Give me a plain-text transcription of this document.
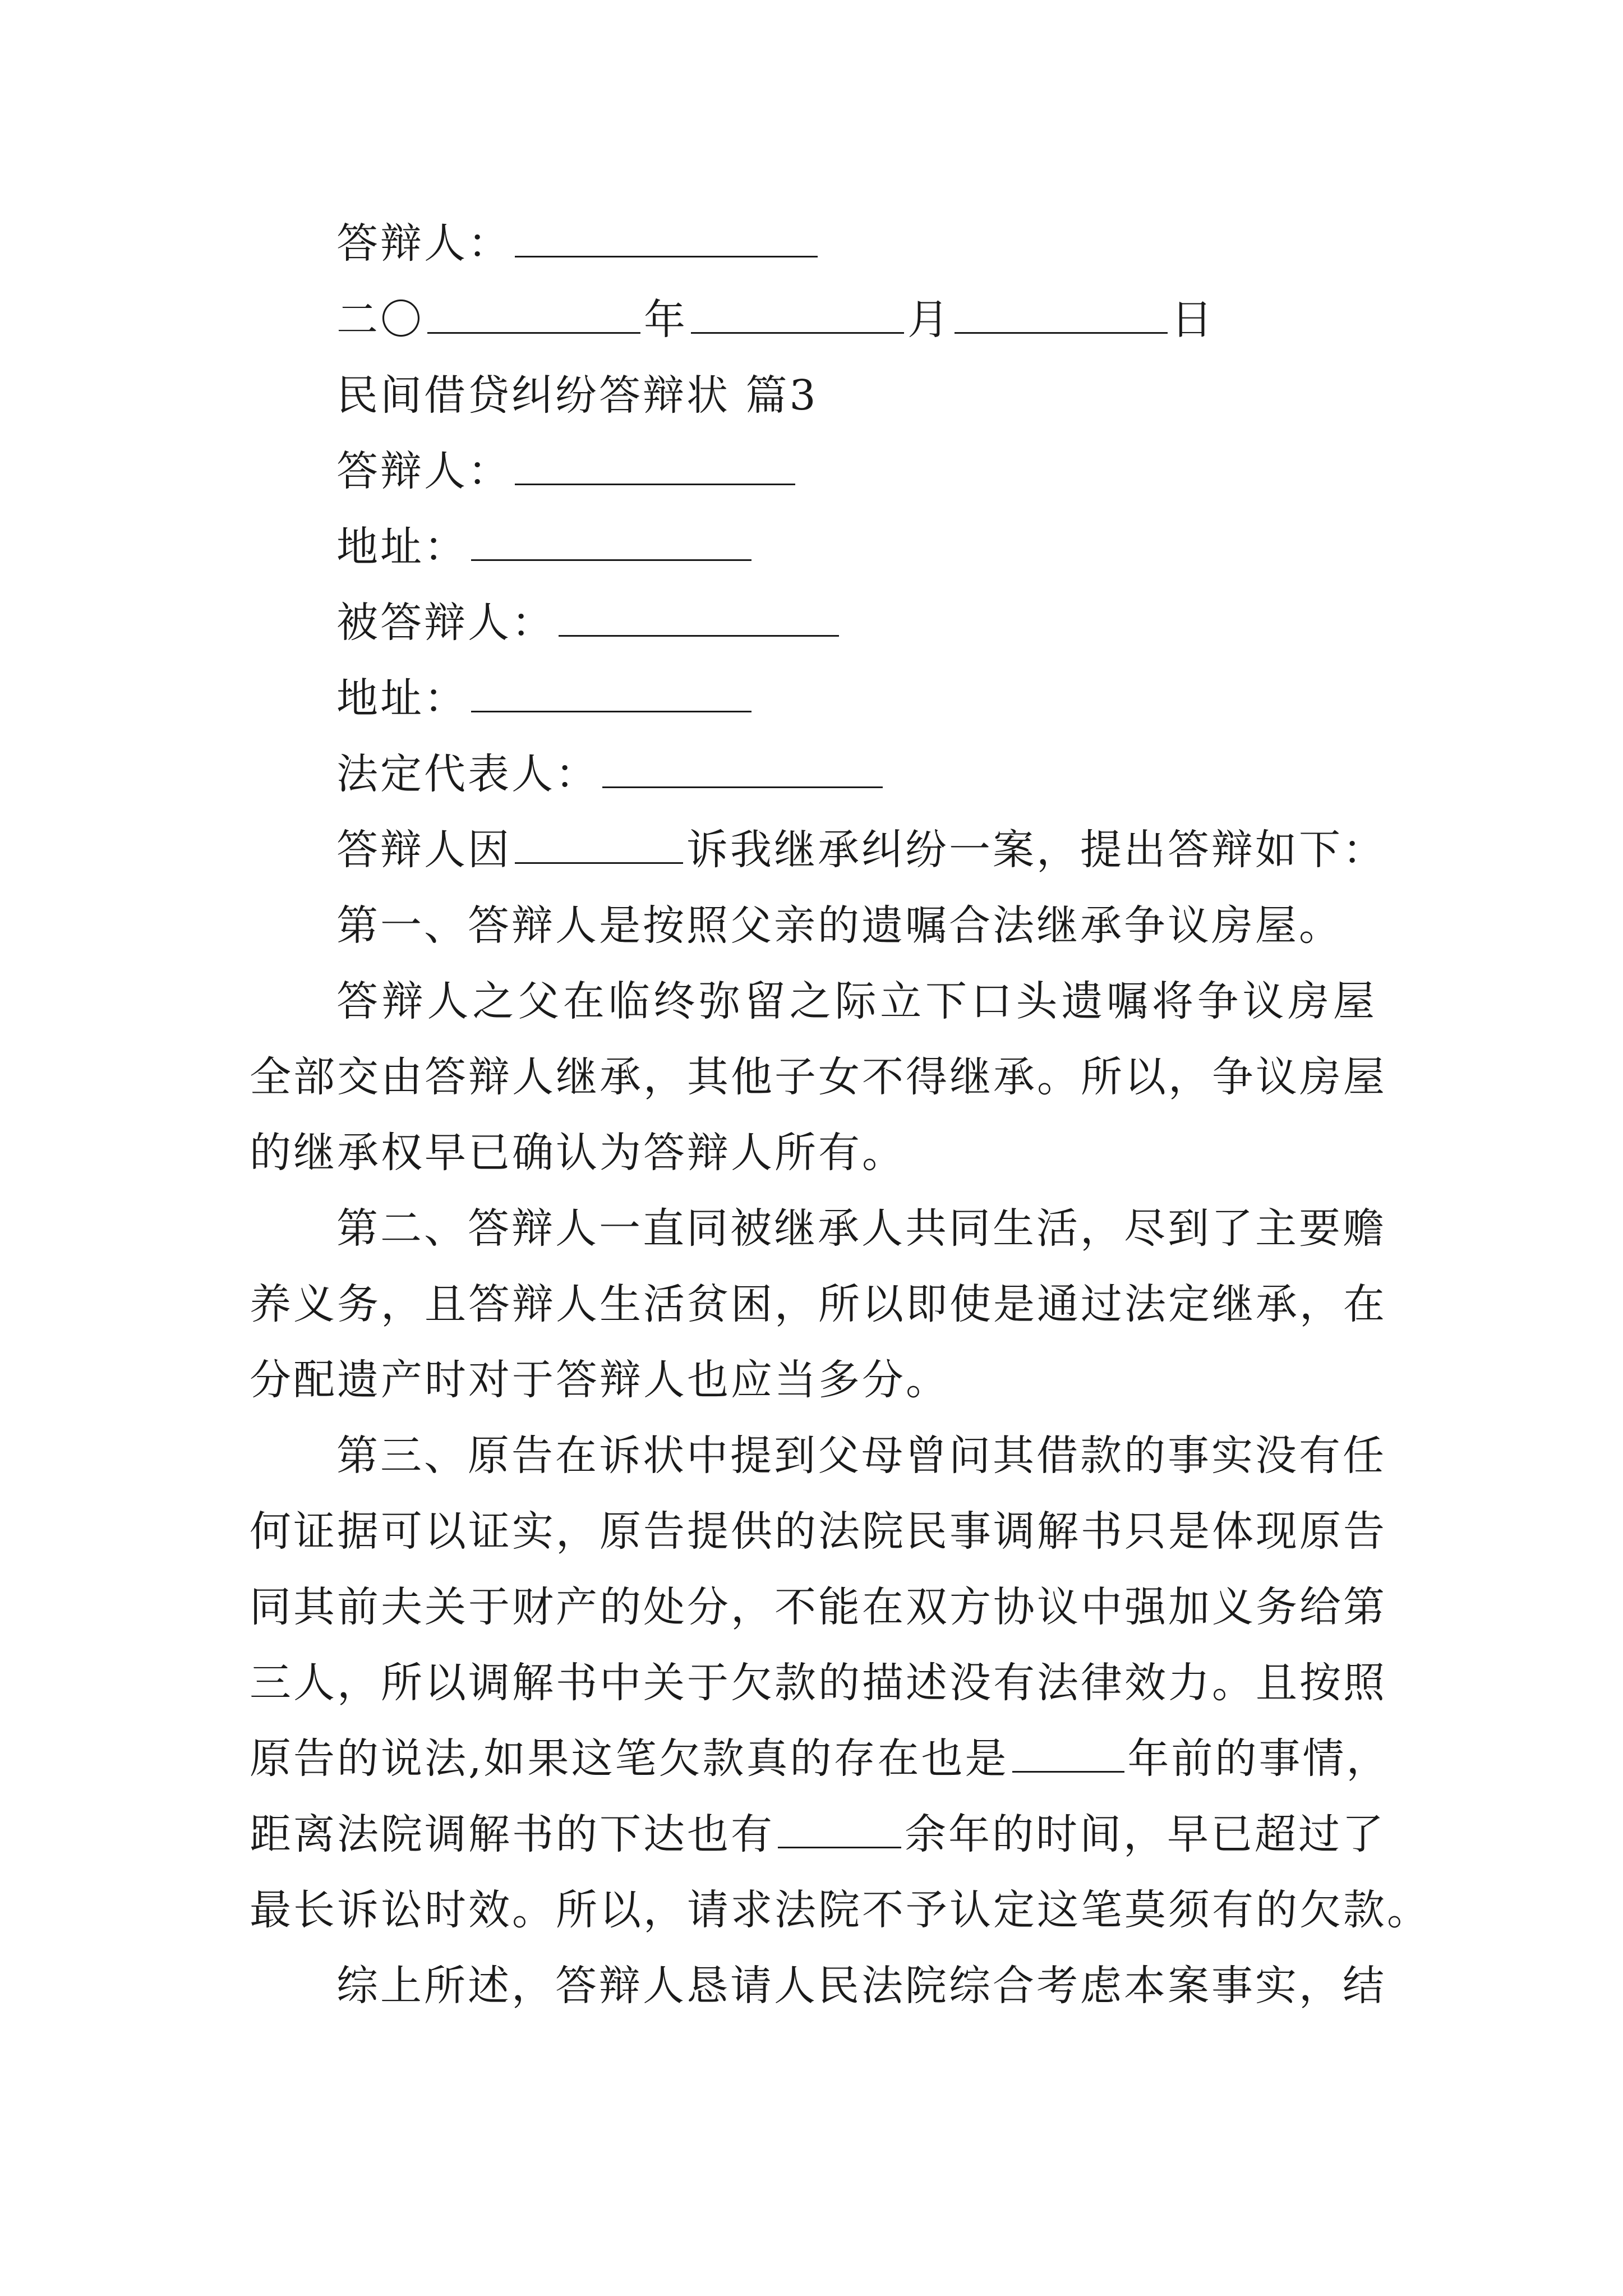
答辩人：
二〇	年	月	日
民间借贷纠纷答辩状 篇3
答辩人：
地址：
被答辩人：
地址：
法定代表人：
答辩人因	诉我继承纠纷一案，提出答辩如下：
第一、答辩人是按照父亲的遗嘱合法继承争议房屋。
答辩人之父在临终弥留之际立下口头遗嘱将争议房屋
全部交由答辩人继承，其他子女不得继承。所以，争议房屋
的继承权早已确认为答辩人所有。
第二、答辩人一直同被继承人共同生活，尽到了主要赡
养义务，且答辩人生活贫困，所以即使是通过法定继承，在
分配遗产时对于答辩人也应当多分。
第三、原告在诉状中提到父母曾问其借款的事实没有任
何证据可以证实，原告提供的法院民事调解书只是体现原告
同其前夫关于财产的处分，不能在双方协议中强加义务给第
三人，所以调解书中关于欠款的描述没有法律效力。且按照
原告的说法,如果这笔欠款真的存在也是	年前的事情，
距离法院调解书的下达也有	余年的时间，早已超过了
最长诉讼时效。所以，请求法院不予认定这笔莫须有的欠款。
综上所述，答辩人恳请人民法院综合考虑本案事实，结
